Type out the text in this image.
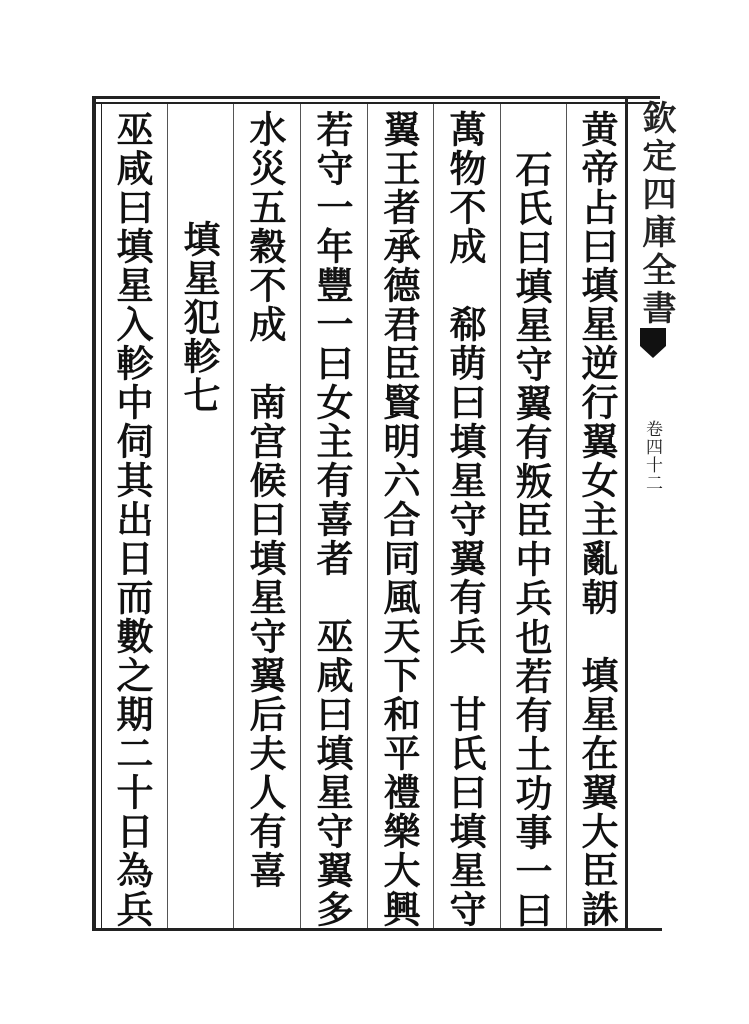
欽定四庫全書
卷四十二
黄帝占曰填星逆行翼女主亂朝　填星在翼大臣誅
石氏曰填星守翼有叛臣中兵也若有土功事一曰
萬物不成　郗萌曰填星守翼有兵　甘氏曰填星守
翼王者承德君臣賢明六合同風天下和平禮樂大興
若守一年豐一曰女主有喜者　巫咸曰填星守翼多
水災五穀不成　南宫候曰填星守翼后夫人有喜
填星犯軫七
巫咸曰填星入軫中伺其出日而數之期二十日為兵
